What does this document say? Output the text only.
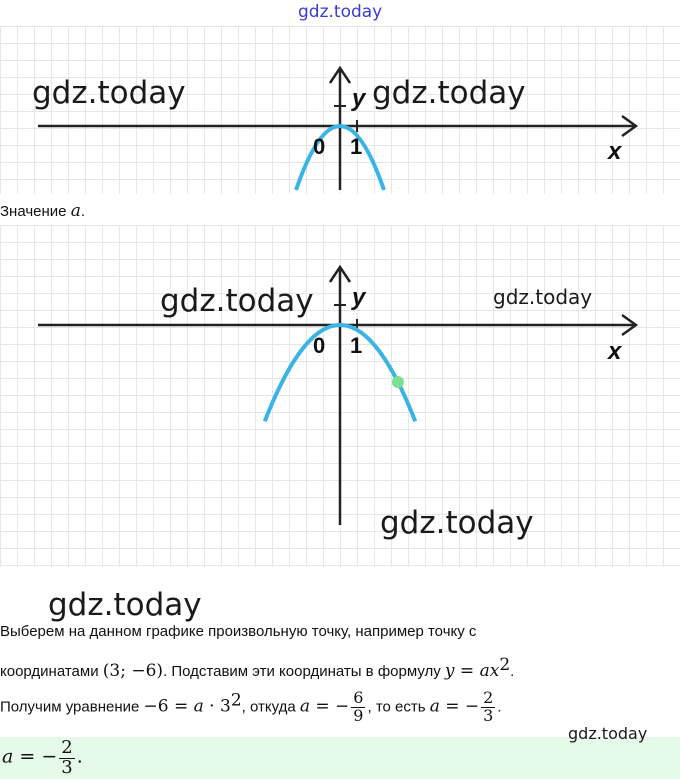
gdz.today
y
x
0 1
gdz.today	gdz.today
Значение a.
y
x
0 1
gdz.today	gdz.today
gdz.today
gdz.today
Выберем на данном графике произвольную точку, например точку с
координатами (3; −6). Подставим эти координаты в формулу $y = ax^2$.
Получим уравнение $-6 = a \cdot 3^2$, откуда a = − $\frac{6}{9}$ , то есть a = − $\frac{2}{3}$ .
a = − $\frac{2}{3}$ .
gdz.today
